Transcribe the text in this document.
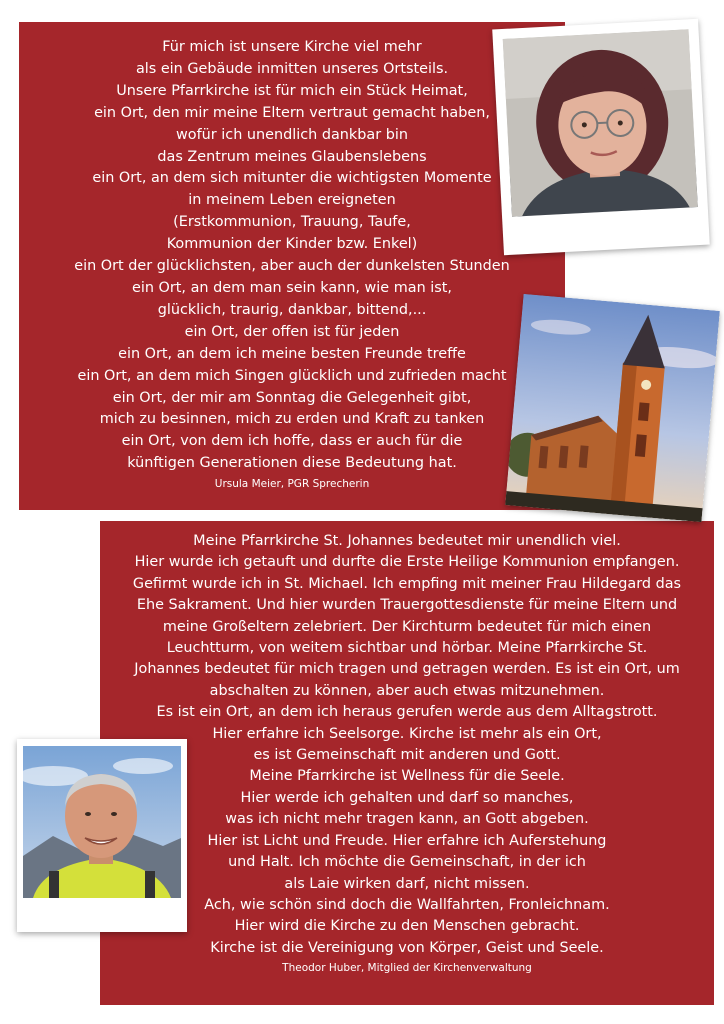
Für mich ist unsere Kirche viel mehr
als ein Gebäude inmitten unseres Ortsteils.
Unsere Pfarrkirche ist für mich ein Stück Heimat,
ein Ort, den mir meine Eltern vertraut gemacht haben,
wofür ich unendlich dankbar bin
das Zentrum meines Glaubenslebens
ein Ort, an dem sich mitunter die wichtigsten Momente
in meinem Leben ereigneten
(Erstkommunion, Trauung, Taufe,
Kommunion der Kinder bzw. Enkel)
ein Ort der glücklichsten, aber auch der dunkelsten Stunden
ein Ort, an dem man sein kann, wie man ist,
glücklich, traurig, dankbar, bittend,...
ein Ort, der offen ist für jeden
ein Ort, an dem ich meine besten Freunde treffe
ein Ort, an dem mich Singen glücklich und zufrieden macht
ein Ort, der mir am Sonntag die Gelegenheit gibt,
mich zu besinnen, mich zu erden und Kraft zu tanken
ein Ort, von dem ich hoffe, dass er auch für die
künftigen Generationen diese Bedeutung hat.
Ursula Meier, PGR Sprecherin
Meine Pfarrkirche St. Johannes bedeutet mir unendlich viel.
Hier wurde ich getauft und durfte die Erste Heilige Kommunion empfangen.
Gefirmt wurde ich in St. Michael. Ich empfing mit meiner Frau Hildegard das
Ehe Sakrament. Und hier wurden Trauergottesdienste für meine Eltern und
meine Großeltern zelebriert. Der Kirchturm bedeutet für mich einen
Leuchtturm, von weitem sichtbar und hörbar. Meine Pfarrkirche St.
Johannes bedeutet für mich tragen und getragen werden. Es ist ein Ort, um
abschalten zu können, aber auch etwas mitzunehmen.
Es ist ein Ort, an dem ich heraus gerufen werde aus dem Alltagstrott.
Hier erfahre ich Seelsorge. Kirche ist mehr als ein Ort,
es ist Gemeinschaft mit anderen und Gott.
Meine Pfarrkirche ist Wellness für die Seele.
Hier werde ich gehalten und darf so manches,
was ich nicht mehr tragen kann, an Gott abgeben.
Hier ist Licht und Freude. Hier erfahre ich Auferstehung
und Halt. Ich möchte die Gemeinschaft, in der ich
als Laie wirken darf, nicht missen.
Ach, wie schön sind doch die Wallfahrten, Fronleichnam.
Hier wird die Kirche zu den Menschen gebracht.
Kirche ist die Vereinigung von Körper, Geist und Seele.
Theodor Huber, Mitglied der Kirchenverwaltung
